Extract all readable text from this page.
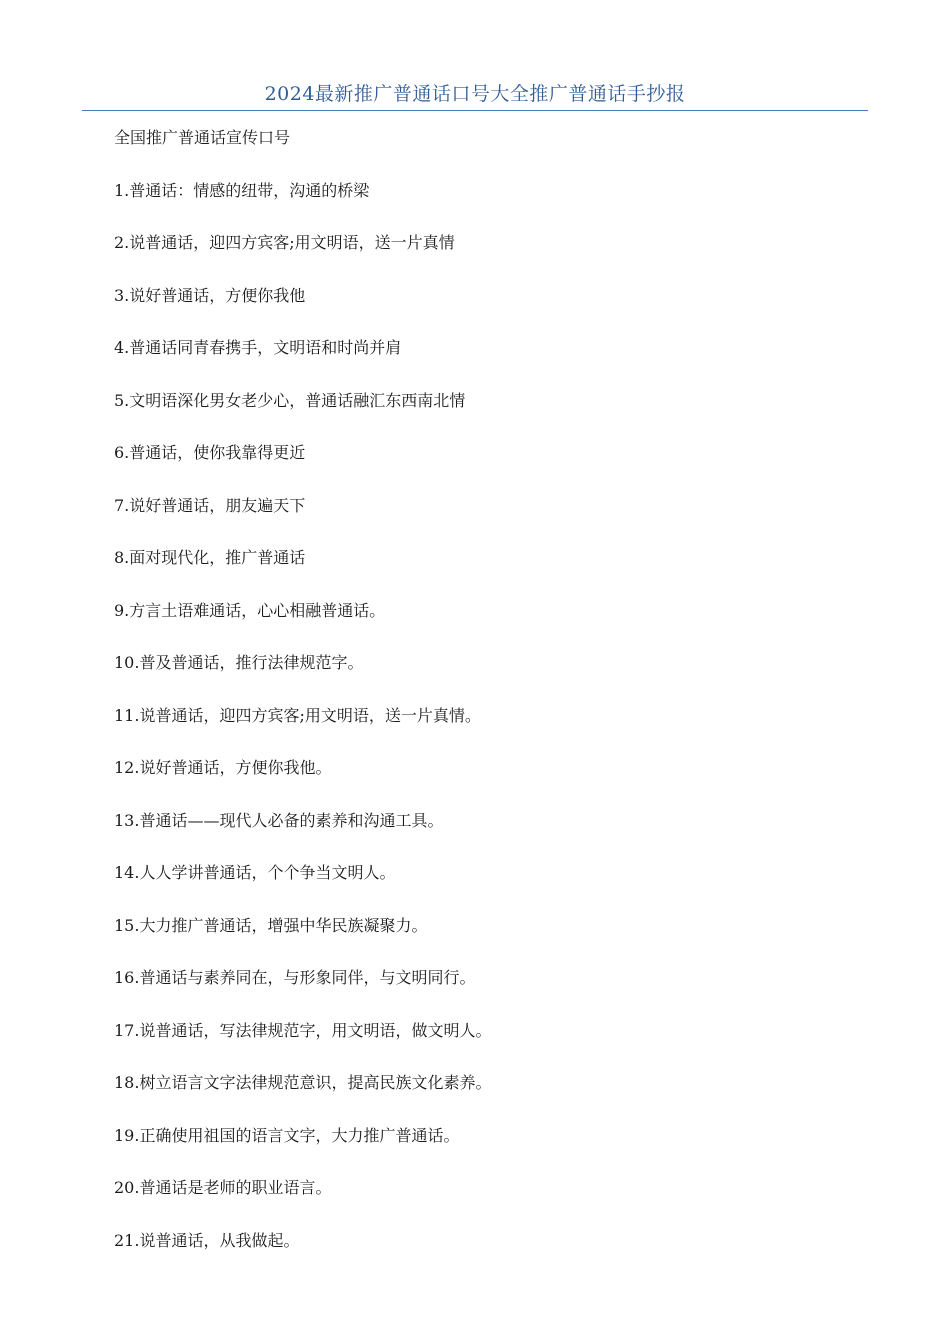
2024最新推广普通话口号大全推广普通话手抄报
全国推广普通话宣传口号
1.普通话：情感的纽带，沟通的桥梁
2.说普通话，迎四方宾客;用文明语，送一片真情
3.说好普通话，方便你我他
4.普通话同青春携手，文明语和时尚并肩
5.文明语深化男女老少心，普通话融汇东西南北情
6.普通话，使你我靠得更近
7.说好普通话，朋友遍天下
8.面对现代化，推广普通话
9.方言土语难通话，心心相融普通话。
10.普及普通话，推行法律规范字。
11.说普通话，迎四方宾客;用文明语，送一片真情。
12.说好普通话，方便你我他。
13.普通话——现代人必备的素养和沟通工具。
14.人人学讲普通话，个个争当文明人。
15.大力推广普通话，增强中华民族凝聚力。
16.普通话与素养同在，与形象同伴，与文明同行。
17.说普通话，写法律规范字，用文明语，做文明人。
18.树立语言文字法律规范意识，提高民族文化素养。
19.正确使用祖国的语言文字，大力推广普通话。
20.普通话是老师的职业语言。
21.说普通话，从我做起。
